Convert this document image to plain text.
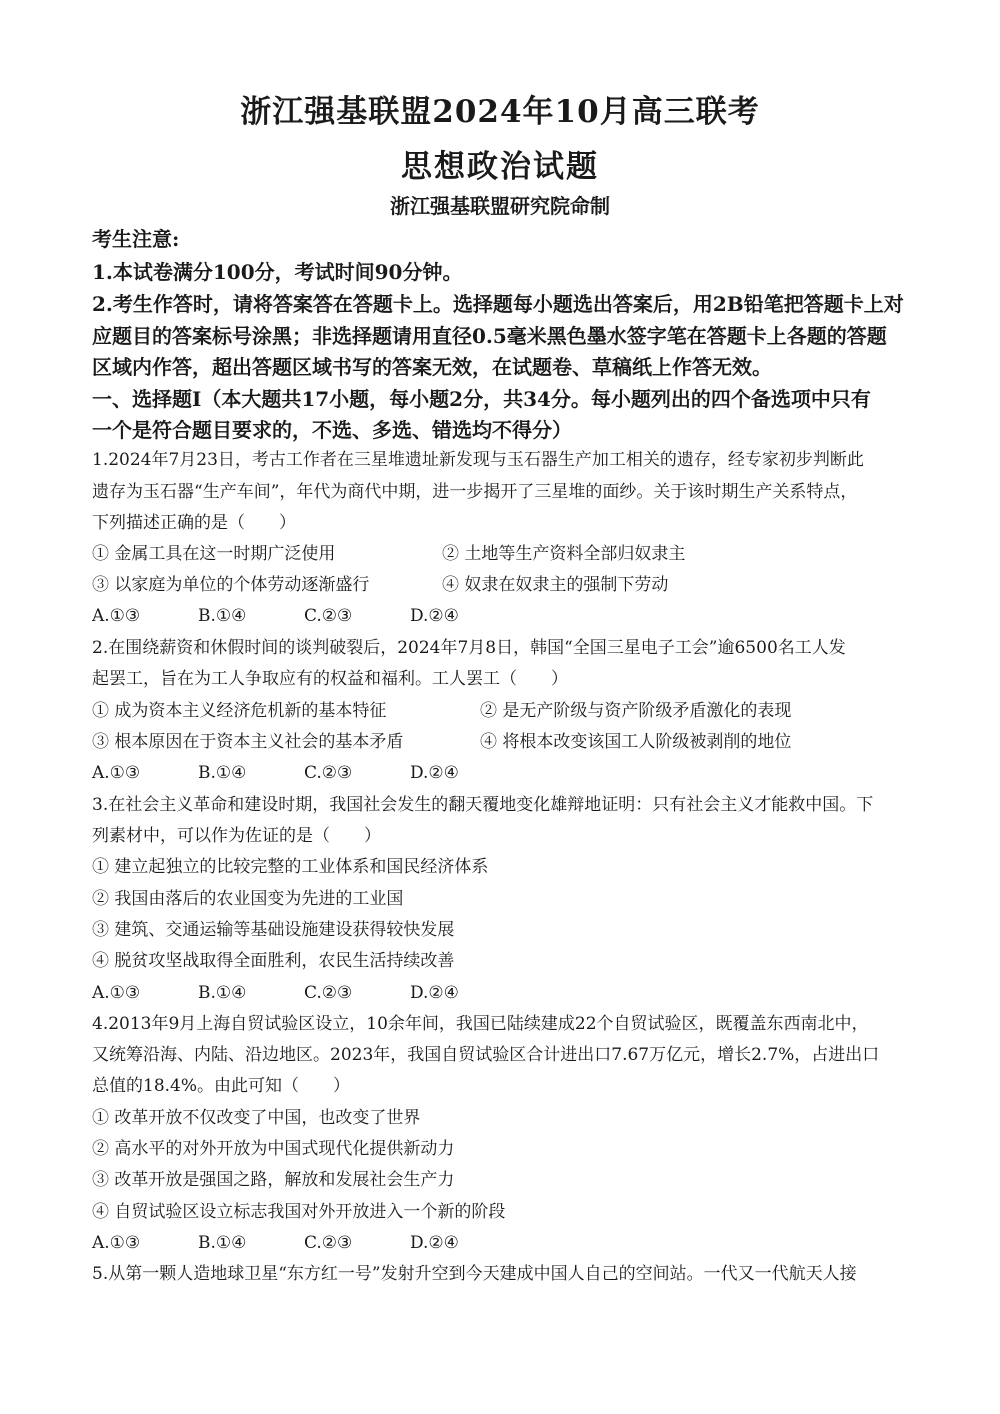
浙江强基联盟2024年10月高三联考
思想政治试题
浙江强基联盟研究院命制
考生注意:
1.本试卷满分100分，考试时间90分钟。
2.考生作答时，请将答案答在答题卡上。选择题每小题选出答案后，用2B铅笔把答题卡上对
应题目的答案标号涂黑；非选择题请用直径0.5毫米黑色墨水签字笔在答题卡上各题的答题
区域内作答，超出答题区域书写的答案无效，在试题卷、草稿纸上作答无效。
一、选择题Ⅰ（本大题共17小题，每小题2分，共34分。每小题列出的四个备选项中只有
一个是符合题目要求的，不选、多选、错选均不得分）
1.2024年7月23日，考古工作者在三星堆遗址新发现与玉石器生产加工相关的遗存，经专家初步判断此
遗存为玉石器“生产车间”，年代为商代中期，进一步揭开了三星堆的面纱。关于该时期生产关系特点，
下列描述正确的是（　　）
① 金属工具在这一时期广泛使用	② 土地等生产资料全部归奴隶主
③ 以家庭为单位的个体劳动逐渐盛行	④ 奴隶在奴隶主的强制下劳动
A.①③	B.①④	C.②③	D.②④
2.在围绕薪资和休假时间的谈判破裂后，2024年7月8日，韩国“全国三星电子工会”逾6500名工人发
起罢工，旨在为工人争取应有的权益和福利。工人罢工（　　）
① 成为资本主义经济危机新的基本特征	② 是无产阶级与资产阶级矛盾激化的表现
③ 根本原因在于资本主义社会的基本矛盾	④ 将根本改变该国工人阶级被剥削的地位
A.①③	B.①④	C.②③	D.②④
3.在社会主义革命和建设时期，我国社会发生的翻天覆地变化雄辩地证明：只有社会主义才能救中国。下
列素材中，可以作为佐证的是（　　）
① 建立起独立的比较完整的工业体系和国民经济体系
② 我国由落后的农业国变为先进的工业国
③ 建筑、交通运输等基础设施建设获得较快发展
④ 脱贫攻坚战取得全面胜利，农民生活持续改善
A.①③	B.①④	C.②③	D.②④
4.2013年9月上海自贸试验区设立，10余年间，我国已陆续建成22个自贸试验区，既覆盖东西南北中，
又统筹沿海、内陆、沿边地区。2023年，我国自贸试验区合计进出口7.67万亿元，增长2.7%，占进出口
总值的18.4%。由此可知（　　）
① 改革开放不仅改变了中国，也改变了世界
② 高水平的对外开放为中国式现代化提供新动力
③ 改革开放是强国之路，解放和发展社会生产力
④ 自贸试验区设立标志我国对外开放进入一个新的阶段
A.①③	B.①④	C.②③	D.②④
5.从第一颗人造地球卫星“东方红一号”发射升空到今天建成中国人自己的空间站。一代又一代航天人接
